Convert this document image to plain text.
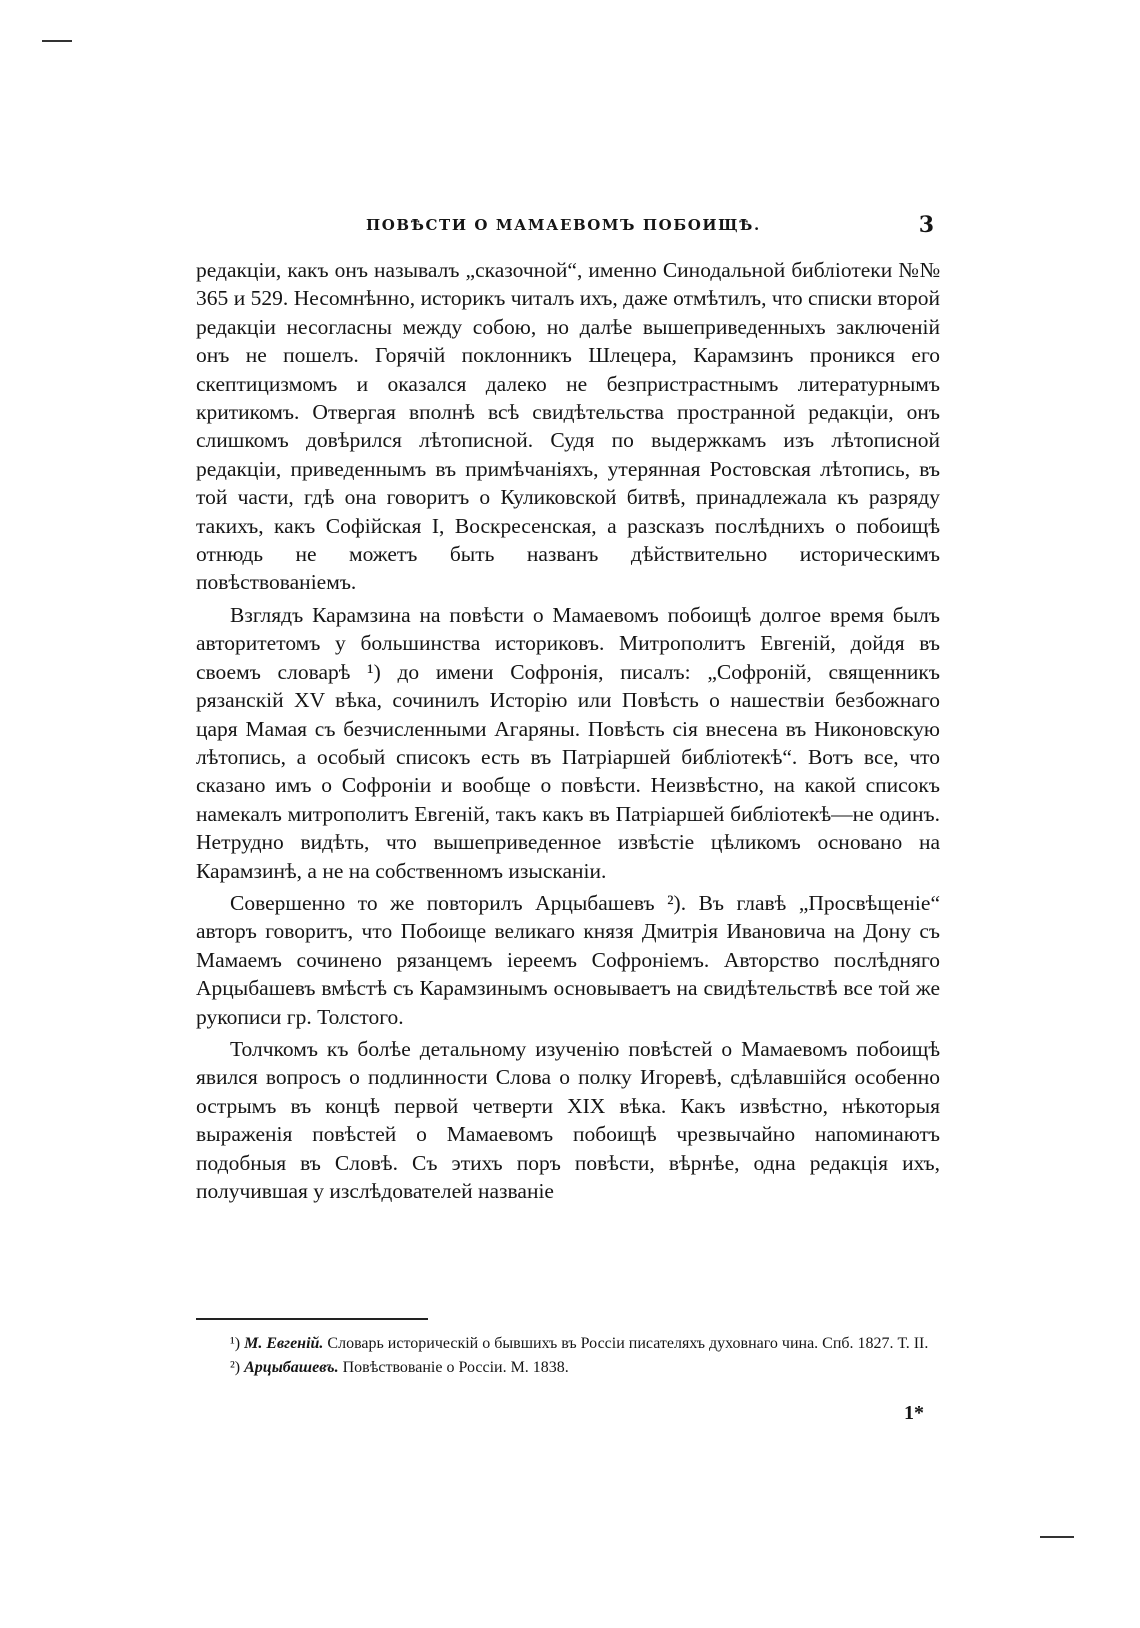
ПОВѢСТИ О МАМАЕВОМЪ ПОБОИЩѢ.	3

редакціи, какъ онъ называлъ „сказочной“, именно Синодальной библіотеки №№ 365 и 529. Несомнѣнно, историкъ читалъ ихъ, даже отмѣтилъ, что списки второй редакціи несогласны между собою, но далѣе вышеприведенныхъ заключеній онъ не пошелъ. Горячій поклонникъ Шлецера, Карамзинъ проникся его скептицизмомъ и оказался далеко не безпристрастнымъ литературнымъ критикомъ. Отвергая вполнѣ всѣ свидѣтельства пространной редакціи, онъ слишкомъ довѣрился лѣтописной. Судя по выдержкамъ изъ лѣтописной редакціи, приведеннымъ въ примѣчаніяхъ, утерянная Ростовская лѣтопись, въ той части, гдѣ она говоритъ о Куликовской битвѣ, принадлежала къ разряду такихъ, какъ Софійская I, Воскресенская, а разсказъ послѣднихъ о побоищѣ отнюдь не можетъ быть названъ дѣйствительно историческимъ повѣствованіемъ.

Взглядъ Карамзина на повѣсти о Мамаевомъ побоищѣ долгое время былъ авторитетомъ у большинства историковъ. Митрополитъ Евгеній, дойдя въ своемъ словарѣ ¹) до имени Софронія, писалъ: „Софроній, священникъ рязанскій XV вѣка, сочинилъ Исторію или Повѣсть о нашествіи безбожнаго царя Мамая съ безчисленными Агаряны. Повѣсть сія внесена въ Никоновскую лѣтопись, а особый списокъ есть въ Патріаршей библіотекѣ“. Вотъ все, что сказано имъ о Софроніи и вообще о повѣсти. Неизвѣстно, на какой списокъ намекалъ митрополитъ Евгеній, такъ какъ въ Патріаршей библіотекѣ—не одинъ. Нетрудно видѣть, что вышеприведенное извѣстіе цѣликомъ основано на Карамзинѣ, а не на собственномъ изысканіи.

Совершенно то же повторилъ Арцыбашевъ ²). Въ главѣ „Просвѣщеніе“ авторъ говоритъ, что Побоище великаго князя Дмитрія Ивановича на Дону съ Мамаемъ сочинено рязанцемъ іереемъ Софроніемъ. Авторство послѣдняго Арцыбашевъ вмѣстѣ съ Карамзинымъ основываетъ на свидѣтельствѣ все той же рукописи гр. Толстого.

Толчкомъ къ болѣе детальному изученію повѣстей о Мамаевомъ побоищѣ явился вопросъ о подлинности Слова о полку Игоревѣ, сдѣлавшійся особенно острымъ въ концѣ первой четверти XIX вѣка. Какъ извѣстно, нѣкоторыя выраженія повѣстей о Мамаевомъ побоищѣ чрезвычайно напоминаютъ подобныя въ Словѣ. Съ этихъ поръ повѣсти, вѣрнѣе, одна редакція ихъ, получившая у изслѣдователей названіе

¹) М. Евгеній. Словарь историческій о бывшихъ въ Россіи писателяхъ духовнаго чина. Спб. 1827. Т. II.

²) Арцыбашевъ. Повѣствованіе о Россіи. М. 1838.

1*
